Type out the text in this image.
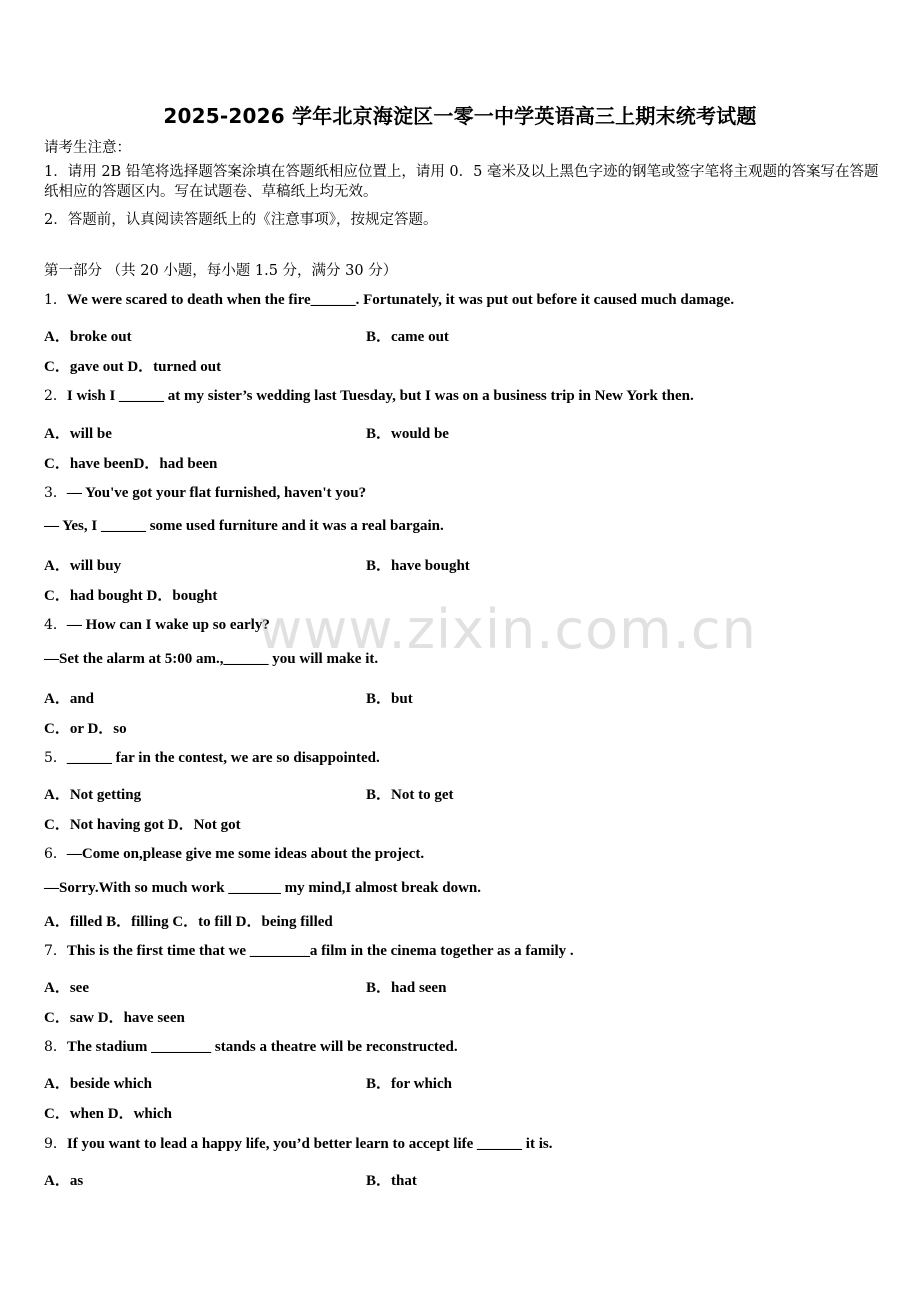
2025-2026 学年北京海淀区一零一中学英语高三上期末统考试题
请考生注意：
1．请用 2B 铅笔将选择题答案涂填在答题纸相应位置上，请用 0．5 毫米及以上黑色字迹的钢笔或签字笔将主观题的答案写在答题纸相应的答题区内。写在试题卷、草稿纸上均无效。
2．答题前，认真阅读答题纸上的《注意事项》，按规定答题。
第一部分 （共 20 小题，每小题 1.5 分，满分 30 分）
1．We were scared to death when the fire______. Fortunately, it was put out before it caused much damage.
A．broke out	B．came out
C．gave out D．turned out
2．I wish I ______ at my sister’s wedding last Tuesday, but I was on a business trip in New York then.
A．will be	B．would be
C．have beenD．had been
3．— You've got your flat furnished, haven't you?
— Yes, I ______ some used furniture and it was a real bargain.
A．will buy	B．have bought
C．had bought D．bought
4．— How can I wake up so early?
—Set the alarm at 5:00 am.,______ you will make it.
A．and	B．but
C．or D．so
5．______ far in the contest, we are so disappointed.
A．Not getting	B．Not to get
C．Not having got D．Not got
6．—Come on,please give me some ideas about the project.
—Sorry.With so much work _______ my mind,I almost break down.
A．filled B．filling C．to fill D．being filled
7．This is the first time that we ________a film in the cinema together as a family .
A．see	B．had seen
C．saw D．have seen
8．The stadium ________ stands a theatre will be reconstructed.
A．beside which	B．for which
C．when D．which
9．If you want to lead a happy life, you’d better learn to accept life ______ it is.
A．as	B．that
www.zixin.com.cn
